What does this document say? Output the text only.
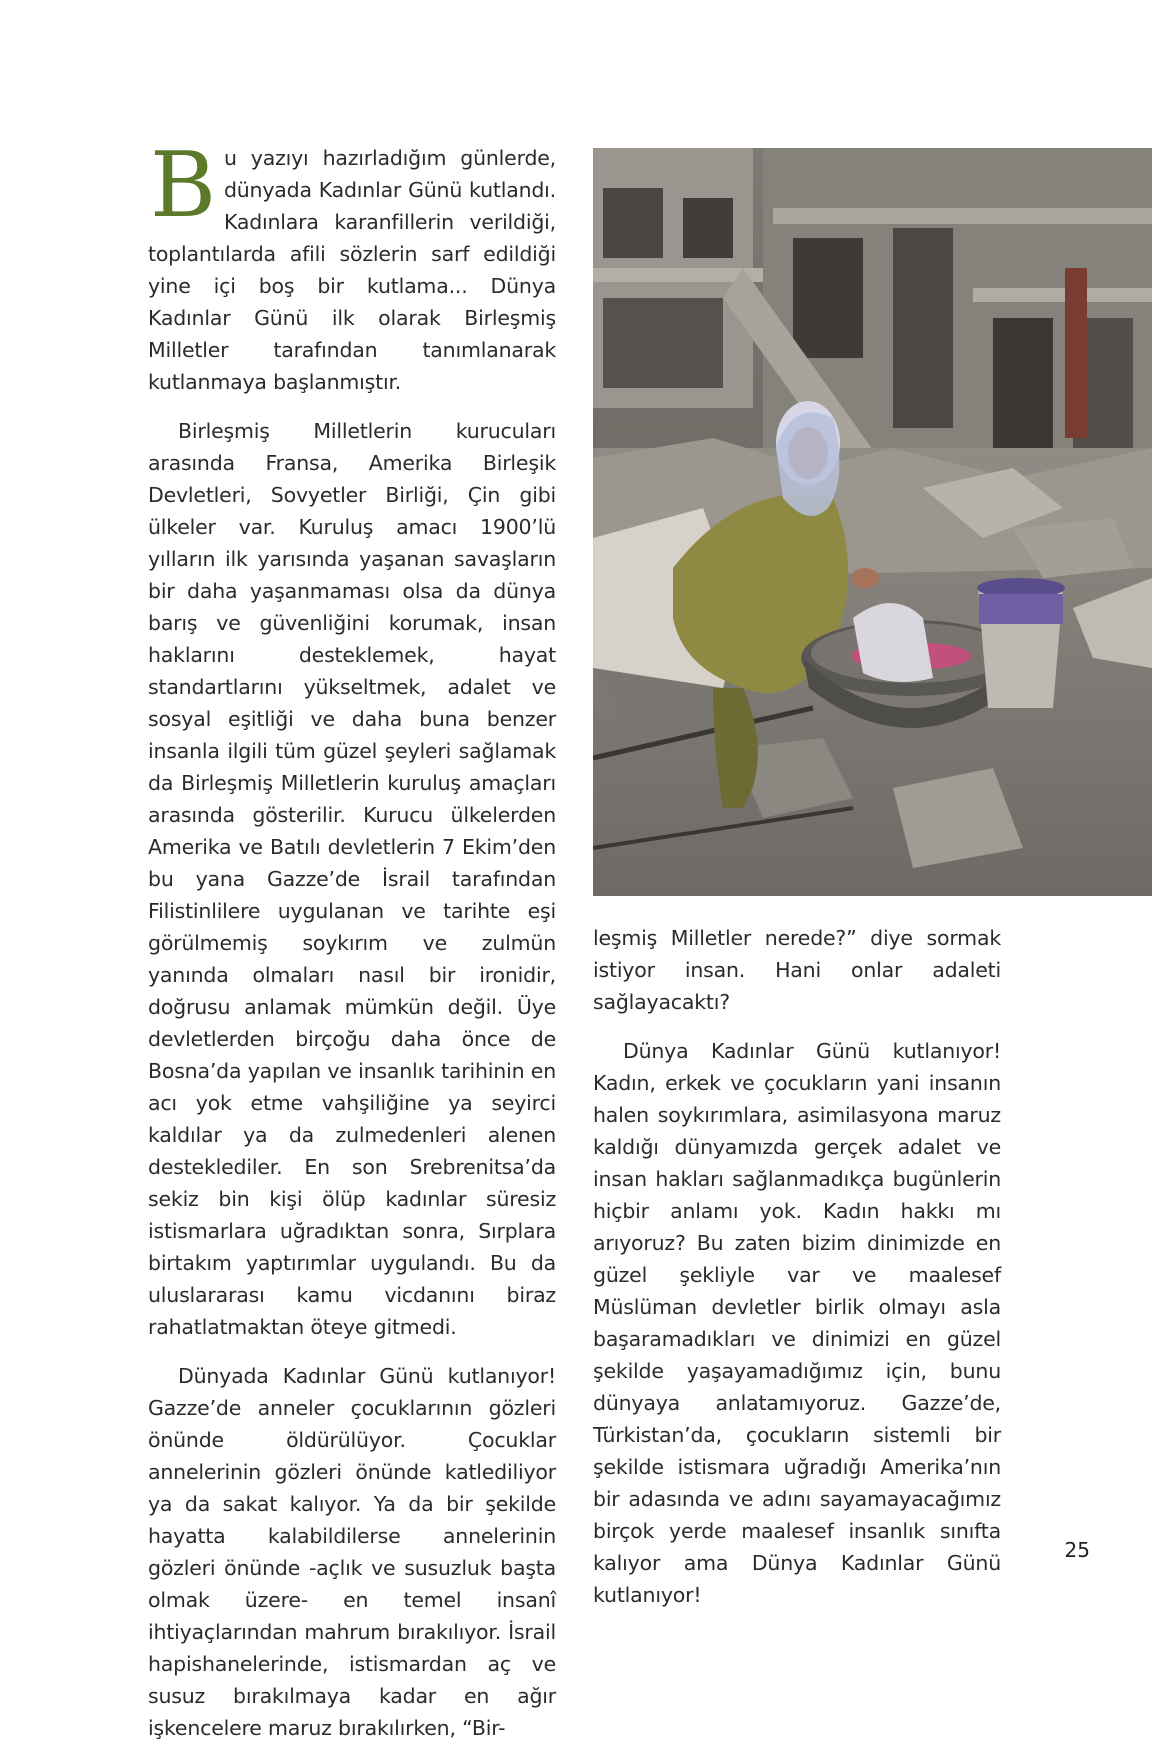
Bu yazıyı hazırladığım günlerde, dünyada Kadınlar Günü kutlandı. Kadınlara karanfillerin verildiği, toplantılarda afili sözlerin sarf edildiği yine içi boş bir kutlama... Dünya Kadınlar Günü ilk olarak Birleşmiş Milletler tarafından tanımlanarak kutlanmaya başlanmıştır.

Birleşmiş Milletlerin kurucuları arasında Fransa, Amerika Birleşik Devletleri, Sovyetler Birliği, Çin gibi ülkeler var. Kuruluş amacı 1900’lü yılların ilk yarısında yaşanan savaşların bir daha yaşanmaması olsa da dünya barış ve güvenliğini korumak, insan haklarını desteklemek, hayat standartlarını yükseltmek, adalet ve sosyal eşitliği ve daha buna benzer insanla ilgili tüm güzel şeyleri sağlamak da Birleşmiş Milletlerin kuruluş amaçları arasında gösterilir. Kurucu ülkelerden Amerika ve Batılı devletlerin 7 Ekim’den bu yana Gazze’de İsrail tarafından Filistinlilere uygulanan ve tarihte eşi görülmemiş soykırım ve zulmün yanında olmaları nasıl bir ironidir, doğrusu anlamak mümkün değil. Üye devletlerden birçoğu daha önce de Bosna’da yapılan ve insanlık tarihinin en acı yok etme vahşiliğine ya seyirci kaldılar ya da zulmedenleri alenen desteklediler. En son Srebrenitsa’da sekiz bin kişi ölüp kadınlar süresiz istismarlara uğradıktan sonra, Sırplara birtakım yaptırımlar uygulandı. Bu da uluslararası kamu vicdanını biraz rahatlatmaktan öteye gitmedi.

Dünyada Kadınlar Günü kutlanıyor! Gazze’de anneler çocuklarının gözleri önünde öldürülüyor. Çocuklar annelerinin gözleri önünde katlediliyor ya da sakat kalıyor. Ya da bir şekilde hayatta kalabildilerse annelerinin gözleri önünde -açlık ve susuzluk başta olmak üzere- en temel insanî ihtiyaçlarından mahrum bırakılıyor. İsrail hapishanelerinde, istismardan aç ve susuz bırakılmaya kadar en ağır işkencelere maruz bırakılırken, “Bir-

leşmiş Milletler nerede?” diye sormak istiyor insan. Hani onlar adaleti sağlayacaktı?

Dünya Kadınlar Günü kutlanıyor! Kadın, erkek ve çocukların yani insanın halen soykırımlara, asimilasyona maruz kaldığı dünyamızda gerçek adalet ve insan hakları sağlanmadıkça bugünlerin hiçbir anlamı yok. Kadın hakkı mı arıyoruz? Bu zaten bizim dinimizde en güzel şekliyle var ve maalesef Müslüman devletler birlik olmayı asla başaramadıkları ve dinimizi en güzel şekilde yaşayamadığımız için, bunu dünyaya anlatamıyoruz. Gazze’de, Türkistan’da, çocukların sistemli bir şekilde istismara uğradığı Amerika’nın bir adasında ve adını sayamayacağımız birçok yerde maalesef insanlık sınıfta kalıyor ama Dünya Kadınlar Günü kutlanıyor!

25
